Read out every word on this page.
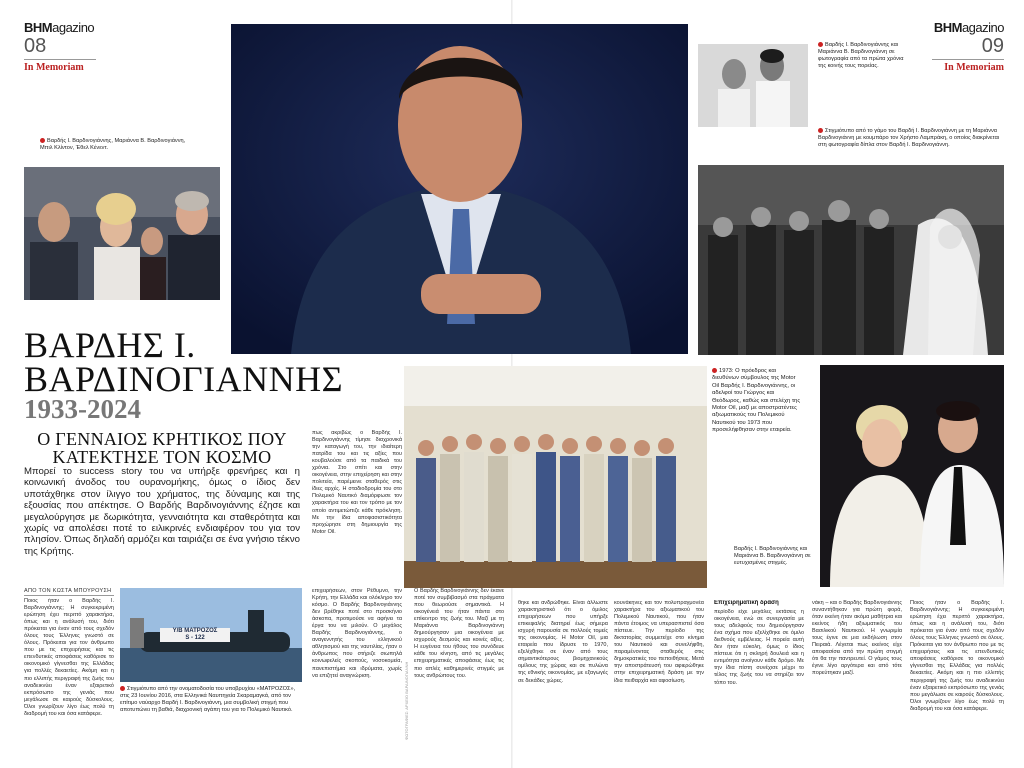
ΒΗΜagazino
08
In Memoriam
ΒΗΜagazino
09
In Memoriam
Βαρδής Ι. Βαρδινογιάννης, Μαριάννα Β. Βαρδινογιάννη, Μπιλ Κλίντον, Έθελ Κένεντ.
Βαρδής Ι. Βαρδινογιάννης και Μαριάννα Β. Βαρδινογιάννη σε φωτογραφία από τα πρώτα χρόνια της κοινής τους πορείας.
Στιγμιότυπο από το γάμο του Βαρδή Ι. Βαρδινογιάννη με τη Μαριάννα Βαρδινογιάννη με κουμπάρο τον Χρήστο Λαμπράκη, ο οποίος διακρίνεται στη φωτογραφία δίπλα στον Βαρδή Ι. Βαρδινογιάννη.
ΒΑΡΔΗΣ Ι.
ΒΑΡΔΙΝΟΓΙΑΝΝΗΣ
1933-2024
Ο ΓΕΝΝΑΙΟΣ ΚΡΗΤΙΚΟΣ ΠΟΥ ΚΑΤΕΚΤΗΣΕ ΤΟΝ ΚΟΣΜΟ
Μπορεί το success story του να υπήρξε φρενήρες και η κοινωνική άνοδος του ουρανομήκης, όμως ο ίδιος δεν υποτάχθηκε στον ίλιγγο του χρήματος, της δύναμης και της εξουσίας που απέκτησε. Ο Βαρδής Βαρδινογιάννης έζησε και μεγαλούργησε με δωρικότητα, γενναιότητα και σταθερότητα και χωρίς να απολέσει ποτέ το ειλικρινές ενδιαφέρον του για τον πλησίον. Όπως δηλαδή αρμόζει και ταιριάζει σε ένα γνήσιο τέκνο της Κρήτης.
πως ακριβώς ο Βαρδής Ι. Βαρδινογιάννης τίμησε διαχρονικά την καταγωγή του, την ιδιαίτερη πατρίδα του και τις αξίες που κουβαλούσε από τα παιδικά του χρόνια. Στο σπίτι και στην οικογένεια, στην επιχείρηση και στην πολιτεία, παρέμεινε σταθερός στις ίδιες αρχές. Η σταδιοδρομία του στο Πολεμικό Ναυτικό διαμόρφωσε τον χαρακτήρα του και τον τρόπο με τον οποίο αντιμετώπιζε κάθε πρόκληση. Με την ίδια αποφασιστικότητα προχώρησε στη δημιουργία της Motor Oil.
1973: Ο πρόεδρος και διευθύνων σύμβουλος της Motor Oil Βαρδής Ι. Βαρδινογιάννης, οι αδελφοί του Γιώργος και Θεόδωρος, καθώς και στελέχη της Motor Oil, μαζί με αποστρατέντες αξιωματικούς του Πολεμικού Ναυτικού του 1973 που προσελήφθησαν στην εταιρεία.
Βαρδής Ι. Βαρδινογιάννης και Μαριάννα Β. Βαρδινογιάννη σε ευτυχισμένες στιγμές.
ΑΠΟ ΤΟΝ ΚΩΣΤΑ ΜΠΟΥΡΟΥΣΗ
Ποιος ήταν ο Βαρδής Ι. Βαρδινογιάννης; Η συγκεκριμένη ερώτηση έχει περιττό χαρακτήρα, όπως και η ανάλυσή του, διότι πρόκειται για έναν από τους σχεδόν όλους τους Έλληνες γνωστό σε όλους. Πρόκειται για τον άνθρωπο που με τις επιχειρήσεις και τις επενδυτικές αποφάσεις καθόρισε το οικονομικό γίγνεσθαι της Ελλάδας για πολλές δεκαετίες. Ακόμη και η πιο ελλιπής περιγραφή της ζωής του αναδεικνύει έναν εξαιρετικό εκπρόσωπο της γενιάς που μεγάλωσε σε καιρούς δύσκολους. Όλοι γνωρίζουν λίγο έως πολύ τη διαδρομή του και όσα κατάφερε.
Υ/Β ΜΑΤΡΟΖΟΣ
S - 122
Στιγμιότυπο από την ονοματοδοσία του υποβρυχίου «ΜΑΤΡΟΖΟΣ», στις 23 Ιουνίου 2016, στα Ελληνικά Ναυπηγεία Σκαραμαγκά, από τον επίτιμο ναύαρχο Βαρδή Ι. Βαρδινογιάννη, μια συμβολική στιγμή που αποτυπώνει τη βαθιά, διαχρονική αγάπη του για το Πολεμικό Ναυτικό.
επιχειρήσεων, στον Ρέθυμνο, την Κρήτη, την Ελλάδα και ολόκληρο τον κόσμο. Ο Βαρδής Βαρδινογιάννης δεν βρέθηκε ποτέ στο προσκήνιο άσκοπα, προτιμούσε να αφήνει τα έργα του να μιλούν. Ο μεγάλος Βαρδής Βαρδινογιάννης, ο αναγεννητής του ελληνικού αθλητισμού και της ναυτιλίας, ήταν ο άνθρωπος που στήριζε σιωπηλά κοινωφελείς σκοπούς, νοσοκομεία, πανεπιστήμια και ιδρύματα, χωρίς να επιζητεί αναγνώριση.	ΦΩΤΟΓΡΑΦΙΕΣ: ΑΡΧΕΙΟ ΒΑΡΔΙΝΟΓΙΑΝΝΗ
Ο Βαρδής Βαρδινογιάννης δεν έκανε ποτέ τον συμβιβασμό στα πράγματα που θεωρούσε σημαντικά. Η οικογένειά του ήταν πάντα στο επίκεντρο της ζωής του. Μαζί με τη Μαριάννα Βαρδινογιάννη δημιούργησαν μια οικογένεια με ισχυρούς δεσμούς και κοινές αξίες. Η ευγένεια του ήθους του συνόδευε κάθε του κίνηση, από τις μεγάλες επιχειρηματικές αποφάσεις έως τις πιο απλές καθημερινές στιγμές με τους ανθρώπους του.
θηκε και ανδρώθηκε. Είναι άλλωστε χαρακτηριστικό ότι ο όμιλος επιχειρήσεων που υπήρξε επικεφαλής διατηρεί έως σήμερα ισχυρή παρουσία σε πολλούς τομείς της οικονομίας. Η Motor Oil, μια εταιρεία που ίδρυσε το 1970, εξελίχθηκε σε έναν από τους σημαντικότερους βιομηχανικούς ομίλους της χώρας και σε πυλώνα της εθνικής οικονομίας, με εξαγωγές σε δεκάδες χώρες.
κουνάκηνες και τον πολυπραγμονέα χαρακτήρα του αξιωματικού του Πολεμικού Ναυτικού, που ήταν πάντα έτοιμος να υπερασπιστεί όσα πίστευε. Την περίοδο της δικτατορίας συμμετείχε στο κίνημα του Ναυτικού και συνελήφθη, παραμένοντας σταθερός στις δημοκρατικές του πεποιθήσεις. Μετά την αποστράτευσή του αφιερώθηκε στην επιχειρηματική δράση με την ίδια πειθαρχία και αφοσίωση.
Επιχειρηματική δράση
περίοδο είχε μεγάλες εκτάσεις η οικογένεια, ενώ σε συνεργασία με τους αδελφούς του δημιούργησαν ένα σχήμα που εξελίχθηκε σε όμιλο διεθνούς εμβέλειας. Η πορεία αυτή δεν ήταν εύκολη, όμως ο ίδιος πίστευε ότι η σκληρή δουλειά και η εντιμότητα ανοίγουν κάθε δρόμο. Με την ίδια πίστη συνέχισε μέχρι το τέλος της ζωής του να στηρίζει τον τόπο του.
νάκη – και ο Βαρδής Βαρδινογιάννης συναντήθηκαν για πρώτη φορά, όταν εκείνη ήταν ακόμα μαθήτρια και εκείνος ήδη αξιωματικός του Βασιλικού Ναυτικού. Η γνωριμία τους έγινε σε μια εκδήλωση στον Πειραιά. Λέγεται πως εκείνος είχε αποφασίσει από την πρώτη στιγμή ότι θα την παντρευτεί. Ο γάμος τους έγινε λίγο αργότερα και από τότε πορεύτηκαν μαζί.
Ποιος ήταν ο Βαρδής Ι. Βαρδινογιάννης; Η συγκεκριμένη ερώτηση έχει περιττό χαρακτήρα, όπως και η ανάλυσή του, διότι πρόκειται για έναν από τους σχεδόν όλους τους Έλληνες γνωστό σε όλους. Πρόκειται για τον άνθρωπο που με τις επιχειρήσεις και τις επενδυτικές αποφάσεις καθόρισε το οικονομικό γίγνεσθαι της Ελλάδας για πολλές δεκαετίες. Ακόμη και η πιο ελλιπής περιγραφή της ζωής του αναδεικνύει έναν εξαιρετικό εκπρόσωπο της γενιάς που μεγάλωσε σε καιρούς δύσκολους. Όλοι γνωρίζουν λίγο έως πολύ τη διαδρομή του και όσα κατάφερε.
